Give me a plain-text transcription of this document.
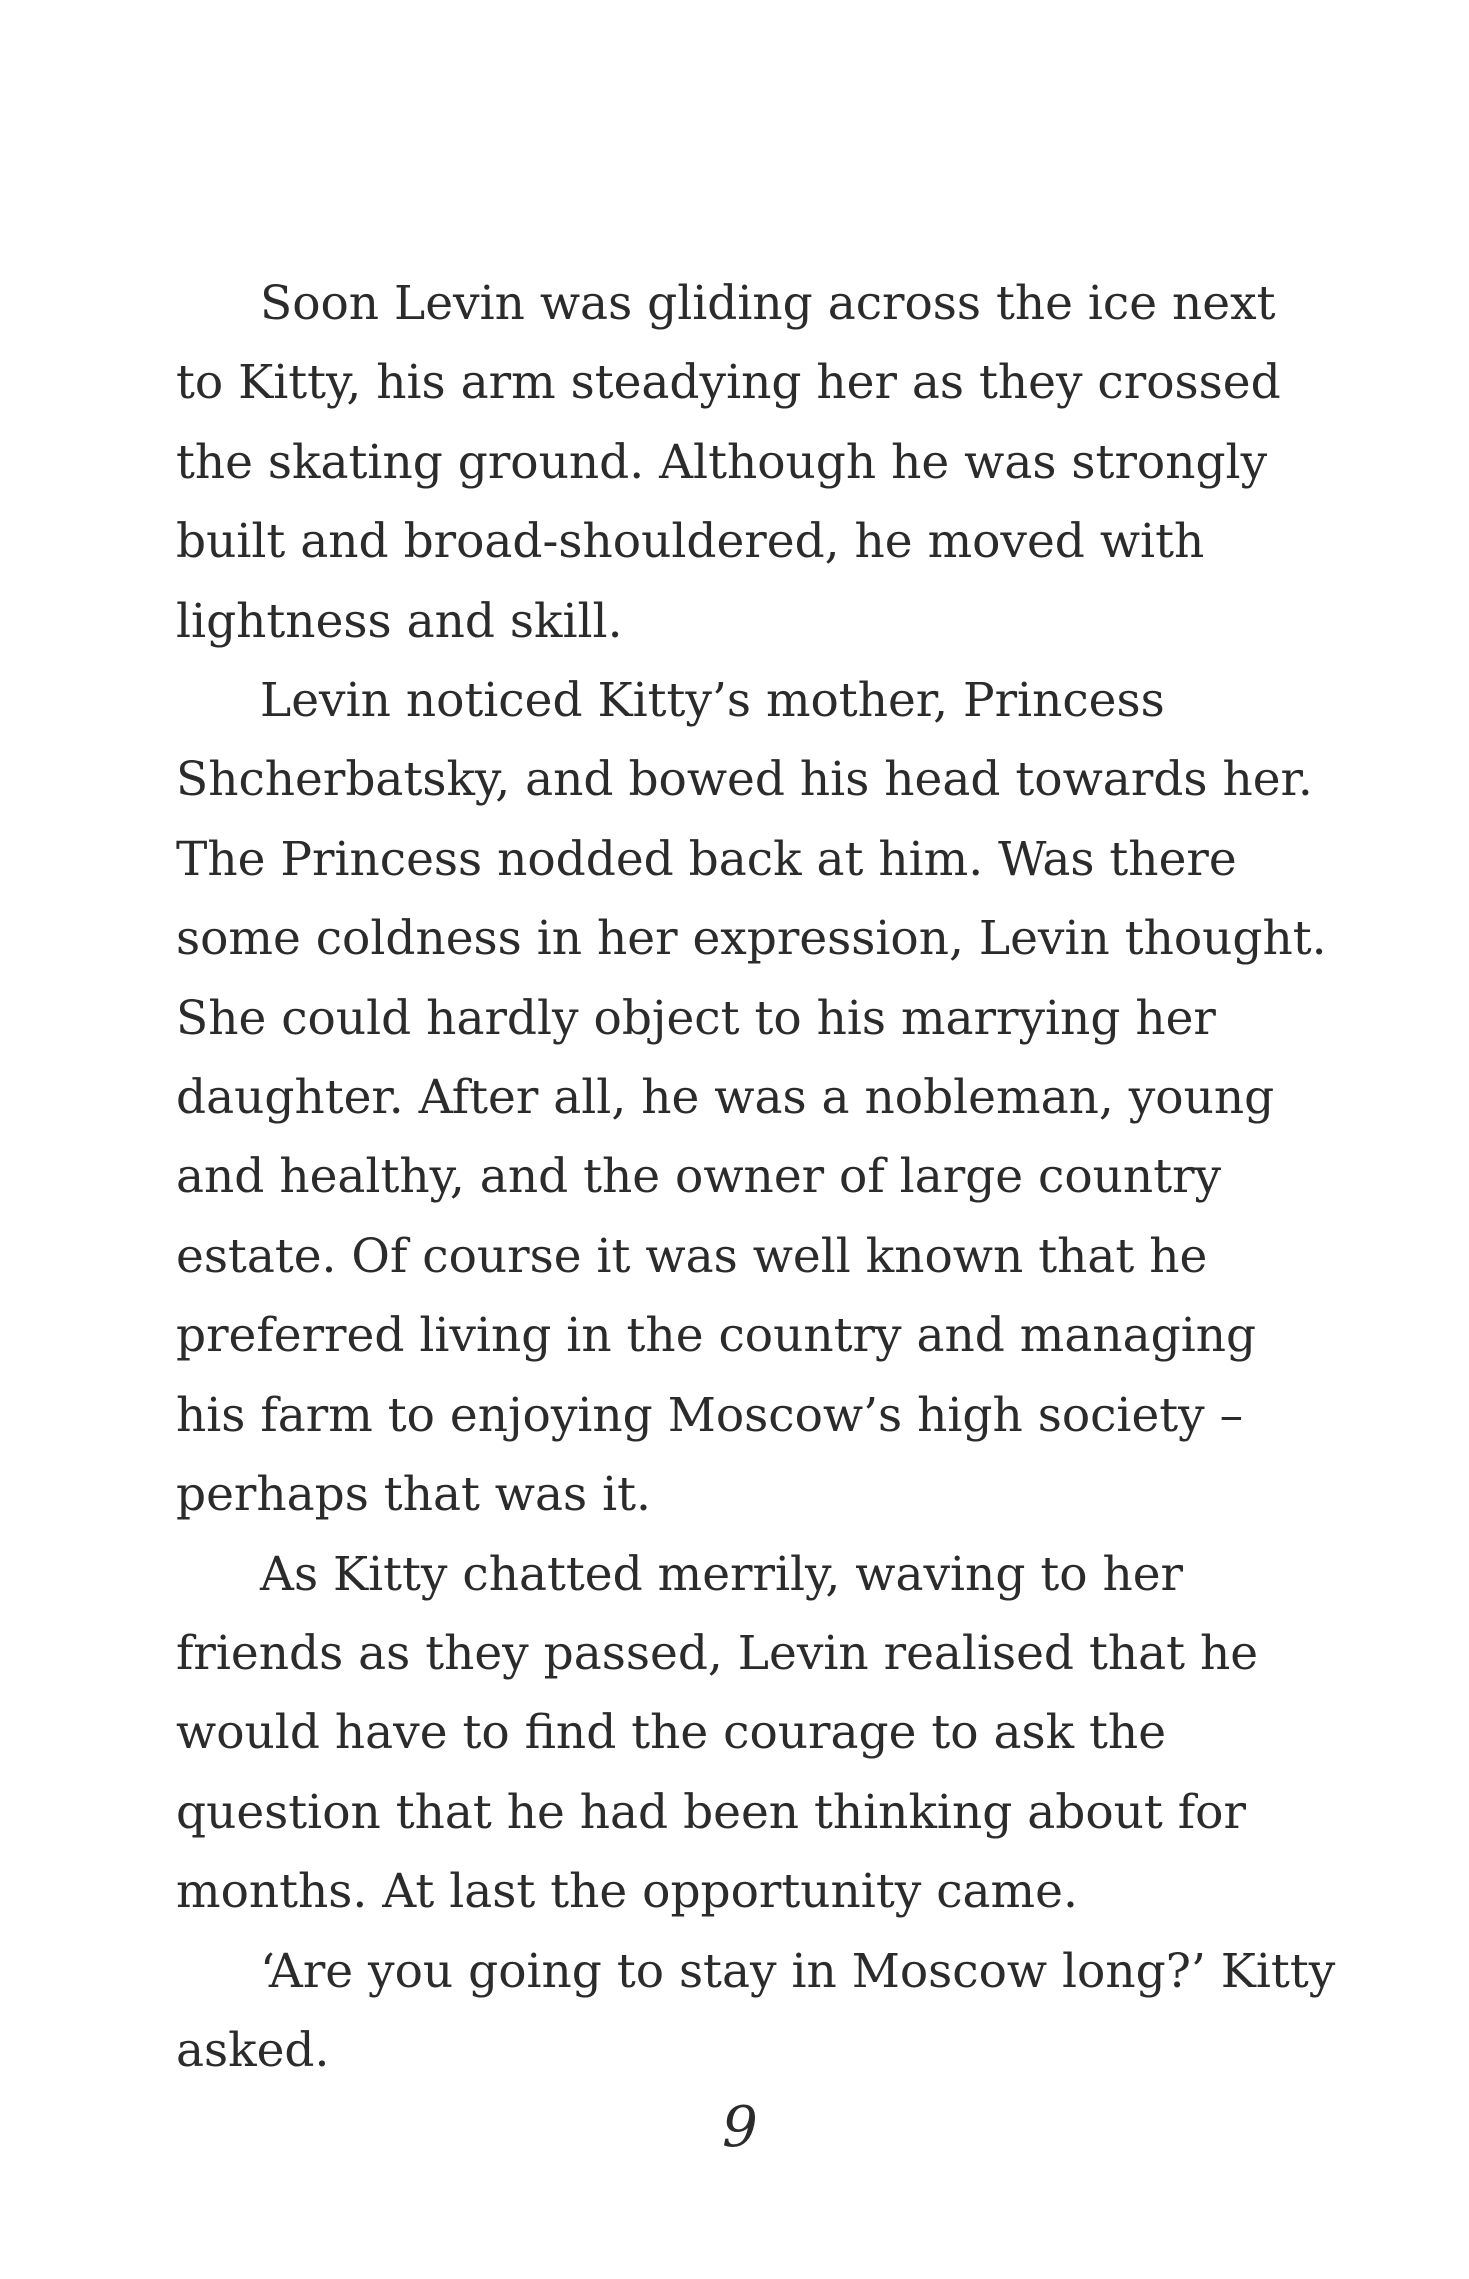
Soon Levin was gliding across the ice next to Kitty, his arm steadying her as they crossed the skating ground. Although he was strongly built and broad-shouldered, he moved with lightness and skill.

Levin noticed Kitty’s mother, Princess Shcherbatsky, and bowed his head towards her. The Princess nodded back at him. Was there some coldness in her expression, Levin thought. She could hardly object to his marrying her daughter. After all, he was a nobleman, young and healthy, and the owner of large country estate. Of course it was well known that he preferred living in the country and managing his farm to enjoying Moscow’s high society – perhaps that was it.

As Kitty chatted merrily, waving to her friends as they passed, Levin realised that he would have to find the courage to ask the question that he had been thinking about for months. At last the opportunity came.

‘Are you going to stay in Moscow long?’ Kitty asked.

9
